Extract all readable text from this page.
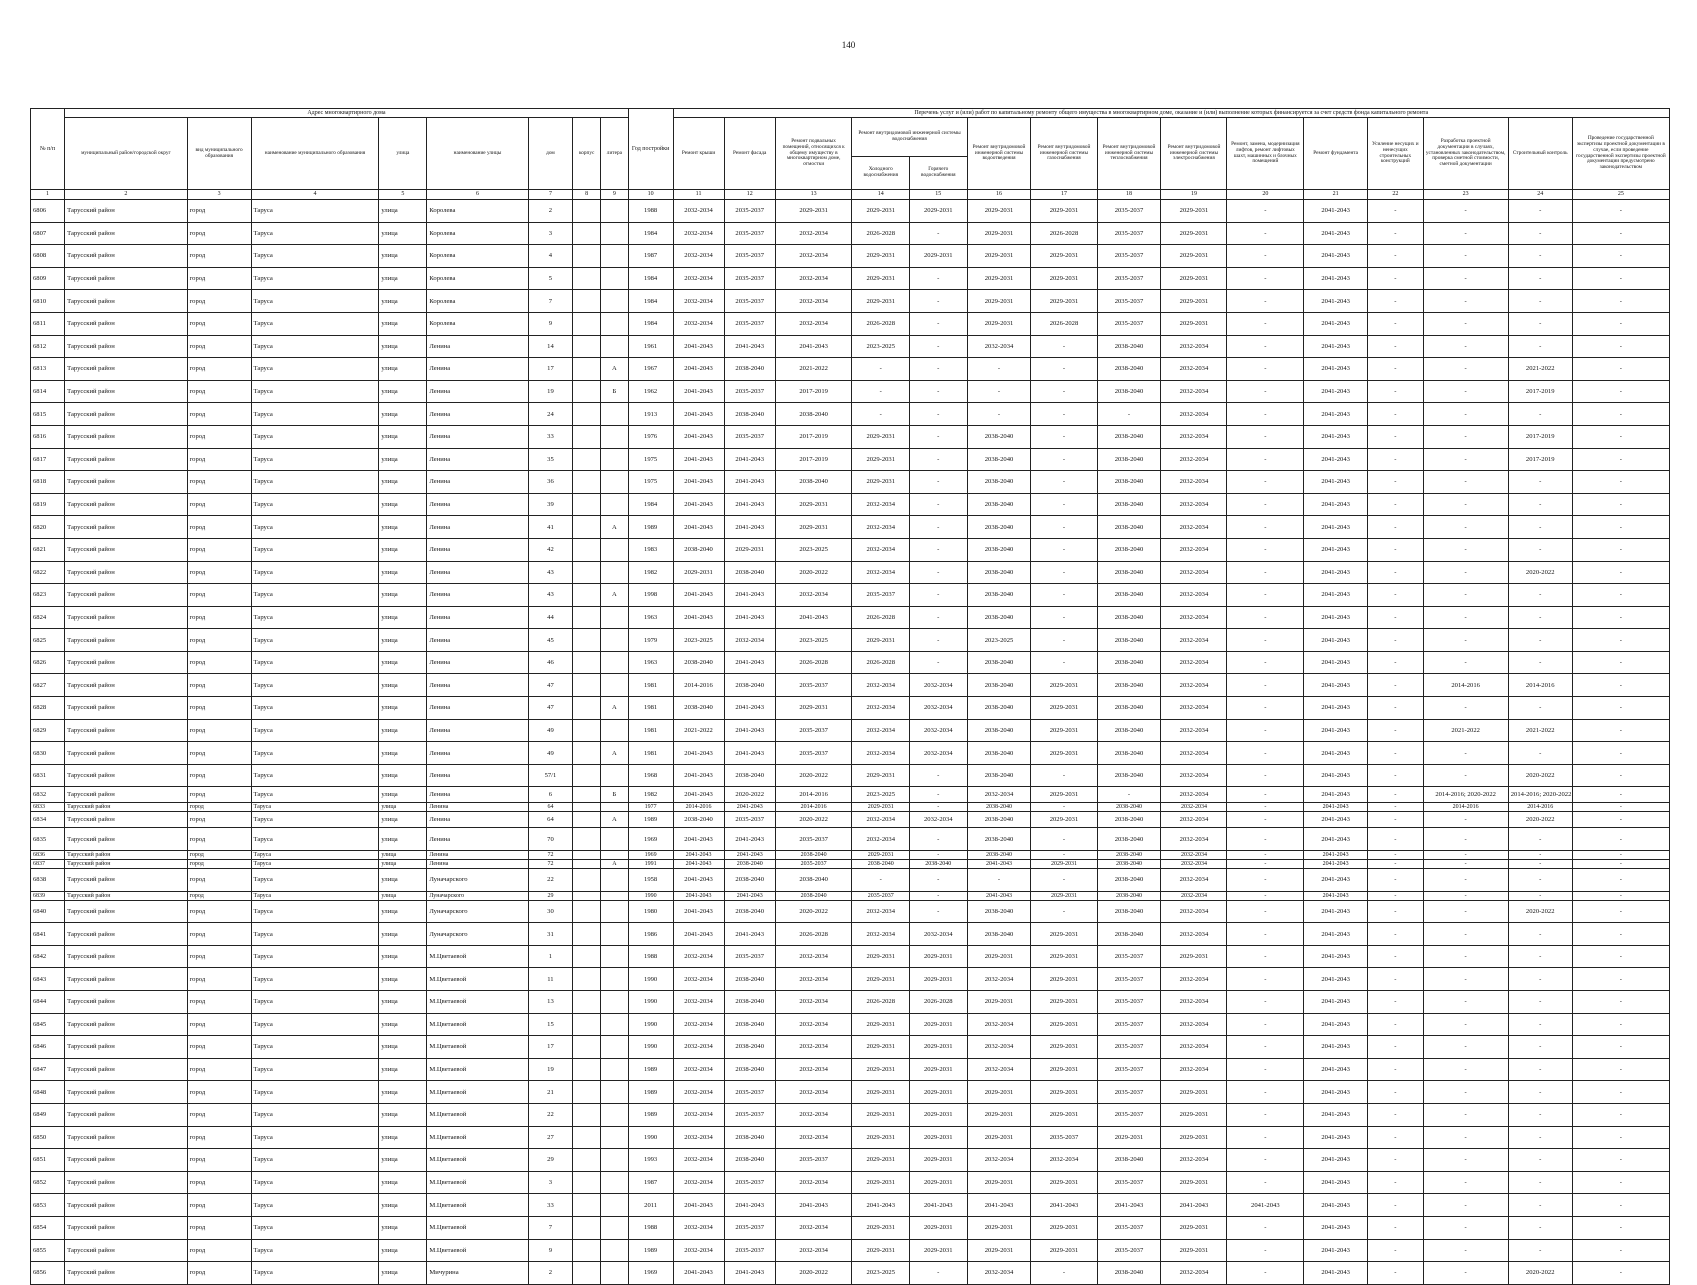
140
№ п/п	Адрес многоквартирного дома								Год постройки	Перечень услуг и (или) работ по капитальному ремонту общего имущества в многоквартирном доме, оказание и (или) выполнение которых финансируется за счет средств фонда капитального ремонта														
	муниципальный район/городской округ	вид муниципального образования	наименование муниципального образования	улица	наименование улицы	дом	корпус	литера		Ремонт крыши	Ремонт фасада	Ремонт подвальных помещений, относящихся к общему имуществу в многоквартирном доме, отмостки	Ремонт внутридомовой инженерной системы водоснабжения		Ремонт внутридомовой инженерной системы водоотведения	Ремонт внутридомовой инженерной системы газоснабжения	Ремонт внутридомовой инженерной системы теплоснабжения	Ремонт внутридомовой инженерной системы электроснабжения	Ремонт, замена, модернизация лифтов, ремонт лифтовых шахт, машинных и блочных помещений	Ремонт фундамента	Усиление несущих и ненесущих строительных конструкций	Разработка проектной документации в случаях, установленных законодательством, проверка сметной стоимости, сметной документации	Строительный контроль	Проведение государственной экспертизы проектной документации в случае, если проведение государственной экспертизы проектной документации предусмотрено законодательством
													Холодного водоснабжения	Горячего водоснабжения										
1	2	3	4	5	6	7	8	9	10	11	12	13	14	15	16	17	18	19	20	21	22	23	24	25
6806	Тарусский район	город	Таруса	улица	Королева	2			1988	2032-2034	2035-2037	2029-2031	2029-2031	2029-2031	2029-2031	2029-2031	2035-2037	2029-2031	-	2041-2043	-	-	-	-
6807	Тарусский район	город	Таруса	улица	Королева	3			1984	2032-2034	2035-2037	2032-2034	2026-2028	-	2029-2031	2026-2028	2035-2037	2029-2031	-	2041-2043	-	-	-	-
6808	Тарусский район	город	Таруса	улица	Королева	4			1987	2032-2034	2035-2037	2032-2034	2029-2031	2029-2031	2029-2031	2029-2031	2035-2037	2029-2031	-	2041-2043	-	-	-	-
6809	Тарусский район	город	Таруса	улица	Королева	5			1984	2032-2034	2035-2037	2032-2034	2029-2031	-	2029-2031	2029-2031	2035-2037	2029-2031	-	2041-2043	-	-	-	-
6810	Тарусский район	город	Таруса	улица	Королева	7			1984	2032-2034	2035-2037	2032-2034	2029-2031	-	2029-2031	2029-2031	2035-2037	2029-2031	-	2041-2043	-	-	-	-
6811	Тарусский район	город	Таруса	улица	Королева	9			1984	2032-2034	2035-2037	2032-2034	2026-2028	-	2029-2031	2026-2028	2035-2037	2029-2031	-	2041-2043	-	-	-	-
6812	Тарусский район	город	Таруса	улица	Ленина	14			1961	2041-2043	2041-2043	2041-2043	2023-2025	-	2032-2034	-	2038-2040	2032-2034	-	2041-2043	-	-	-	-
6813	Тарусский район	город	Таруса	улица	Ленина	17		А	1967	2041-2043	2038-2040	2021-2022	-	-	-	-	2038-2040	2032-2034	-	2041-2043	-	-	2021-2022	-
6814	Тарусский район	город	Таруса	улица	Ленина	19		Б	1962	2041-2043	2035-2037	2017-2019	-	-	-	-	2038-2040	2032-2034	-	2041-2043	-	-	2017-2019	-
6815	Тарусский район	город	Таруса	улица	Ленина	24			1913	2041-2043	2038-2040	2038-2040	-	-	-	-	-	2032-2034	-	2041-2043	-	-	-	-
6816	Тарусский район	город	Таруса	улица	Ленина	33			1976	2041-2043	2035-2037	2017-2019	2029-2031	-	2038-2040	-	2038-2040	2032-2034	-	2041-2043	-	-	2017-2019	-
6817	Тарусский район	город	Таруса	улица	Ленина	35			1975	2041-2043	2041-2043	2017-2019	2029-2031	-	2038-2040	-	2038-2040	2032-2034	-	2041-2043	-	-	2017-2019	-
6818	Тарусский район	город	Таруса	улица	Ленина	36			1975	2041-2043	2041-2043	2038-2040	2029-2031	-	2038-2040	-	2038-2040	2032-2034	-	2041-2043	-	-	-	-
6819	Тарусский район	город	Таруса	улица	Ленина	39			1984	2041-2043	2041-2043	2029-2031	2032-2034	-	2038-2040	-	2038-2040	2032-2034	-	2041-2043	-	-	-	-
6820	Тарусский район	город	Таруса	улица	Ленина	41		А	1989	2041-2043	2041-2043	2029-2031	2032-2034	-	2038-2040	-	2038-2040	2032-2034	-	2041-2043	-	-	-	-
6821	Тарусский район	город	Таруса	улица	Ленина	42			1983	2038-2040	2029-2031	2023-2025	2032-2034	-	2038-2040	-	2038-2040	2032-2034	-	2041-2043	-	-	-	-
6822	Тарусский район	город	Таруса	улица	Ленина	43			1982	2029-2031	2038-2040	2020-2022	2032-2034	-	2038-2040	-	2038-2040	2032-2034	-	2041-2043	-	-	2020-2022	-
6823	Тарусский район	город	Таруса	улица	Ленина	43		А	1998	2041-2043	2041-2043	2032-2034	2035-2037	-	2038-2040	-	2038-2040	2032-2034	-	2041-2043	-	-	-	-
6824	Тарусский район	город	Таруса	улица	Ленина	44			1963	2041-2043	2041-2043	2041-2043	2026-2028	-	2038-2040	-	2038-2040	2032-2034	-	2041-2043	-	-	-	-
6825	Тарусский район	город	Таруса	улица	Ленина	45			1979	2023-2025	2032-2034	2023-2025	2029-2031	-	2023-2025	-	2038-2040	2032-2034	-	2041-2043	-	-	-	-
6826	Тарусский район	город	Таруса	улица	Ленина	46			1963	2038-2040	2041-2043	2026-2028	2026-2028	-	2038-2040	-	2038-2040	2032-2034	-	2041-2043	-	-	-	-
6827	Тарусский район	город	Таруса	улица	Ленина	47			1981	2014-2016	2038-2040	2035-2037	2032-2034	2032-2034	2038-2040	2029-2031	2038-2040	2032-2034	-	2041-2043	-	2014-2016	2014-2016	-
6828	Тарусский район	город	Таруса	улица	Ленина	47		А	1981	2038-2040	2041-2043	2029-2031	2032-2034	2032-2034	2038-2040	2029-2031	2038-2040	2032-2034	-	2041-2043	-	-	-	-
6829	Тарусский район	город	Таруса	улица	Ленина	49			1981	2021-2022	2041-2043	2035-2037	2032-2034	2032-2034	2038-2040	2029-2031	2038-2040	2032-2034	-	2041-2043	-	2021-2022	2021-2022	-
6830	Тарусский район	город	Таруса	улица	Ленина	49		А	1981	2041-2043	2041-2043	2035-2037	2032-2034	2032-2034	2038-2040	2029-2031	2038-2040	2032-2034	-	2041-2043	-	-	-	-
6831	Тарусский район	город	Таруса	улица	Ленина	57/1			1968	2041-2043	2038-2040	2020-2022	2029-2031	-	2038-2040	-	2038-2040	2032-2034	-	2041-2043	-	-	2020-2022	-
6832	Тарусский район	город	Таруса	улица	Ленина	6		Б	1982	2041-2043	2020-2022	2014-2016	2023-2025	-	2032-2034	2029-2031	-	2032-2034	-	2041-2043	-	2014-2016; 2020-2022	2014-2016; 2020-2022	-
6833	Тарусский район	город	Таруса	улица	Ленина	64			1977	2014-2016	2041-2043	2014-2016	2029-2031	-	2038-2040	-	2038-2040	2032-2034	-	2041-2043	-	2014-2016	2014-2016	-
6834	Тарусский район	город	Таруса	улица	Ленина	64		А	1989	2038-2040	2035-2037	2020-2022	2032-2034	2032-2034	2038-2040	2029-2031	2038-2040	2032-2034	-	2041-2043	-	-	2020-2022	-
6835	Тарусский район	город	Таруса	улица	Ленина	70			1969	2041-2043	2041-2043	2035-2037	2032-2034	-	2038-2040	-	2038-2040	2032-2034	-	2041-2043	-	-	-	-
6836	Тарусский район	город	Таруса	улица	Ленина	72			1969	2041-2043	2041-2043	2038-2040	2029-2031	-	2038-2040	-	2038-2040	2032-2034	-	2041-2043	-	-	-	-
6837	Тарусский район	город	Таруса	улица	Ленина	72		А	1991	2041-2043	2038-2040	2035-2037	2038-2040	2038-2040	2041-2043	2029-2031	2038-2040	2032-2034	-	2041-2043	-	-	-	-
6838	Тарусский район	город	Таруса	улица	Луначарского	22			1958	2041-2043	2038-2040	2038-2040	-	-	-	-	2038-2040	2032-2034	-	2041-2043	-	-	-	-
6839	Тарусский район	город	Таруса	улица	Луначарского	29			1990	2041-2043	2041-2043	2038-2040	2035-2037	-	2041-2043	2029-2031	2038-2040	2032-2034	-	2041-2043	-	-	-	-
6840	Тарусский район	город	Таруса	улица	Луначарского	30			1980	2041-2043	2038-2040	2020-2022	2032-2034	-	2038-2040	-	2038-2040	2032-2034	-	2041-2043	-	-	2020-2022	-
6841	Тарусский район	город	Таруса	улица	Луначарского	31			1986	2041-2043	2041-2043	2026-2028	2032-2034	2032-2034	2038-2040	2029-2031	2038-2040	2032-2034	-	2041-2043	-	-	-	-
6842	Тарусский район	город	Таруса	улица	М.Цветаевой	1			1988	2032-2034	2035-2037	2032-2034	2029-2031	2029-2031	2029-2031	2029-2031	2035-2037	2029-2031	-	2041-2043	-	-	-	-
6843	Тарусский район	город	Таруса	улица	М.Цветаевой	11			1990	2032-2034	2038-2040	2032-2034	2029-2031	2029-2031	2032-2034	2029-2031	2035-2037	2032-2034	-	2041-2043	-	-	-	-
6844	Тарусский район	город	Таруса	улица	М.Цветаевой	13			1990	2032-2034	2038-2040	2032-2034	2026-2028	2026-2028	2029-2031	2029-2031	2035-2037	2032-2034	-	2041-2043	-	-	-	-
6845	Тарусский район	город	Таруса	улица	М.Цветаевой	15			1990	2032-2034	2038-2040	2032-2034	2029-2031	2029-2031	2032-2034	2029-2031	2035-2037	2032-2034	-	2041-2043	-	-	-	-
6846	Тарусский район	город	Таруса	улица	М.Цветаевой	17			1990	2032-2034	2038-2040	2032-2034	2029-2031	2029-2031	2032-2034	2029-2031	2035-2037	2032-2034	-	2041-2043	-	-	-	-
6847	Тарусский район	город	Таруса	улица	М.Цветаевой	19			1989	2032-2034	2038-2040	2032-2034	2029-2031	2029-2031	2032-2034	2029-2031	2035-2037	2032-2034	-	2041-2043	-	-	-	-
6848	Тарусский район	город	Таруса	улица	М.Цветаевой	21			1989	2032-2034	2035-2037	2032-2034	2029-2031	2029-2031	2029-2031	2029-2031	2035-2037	2029-2031	-	2041-2043	-	-	-	-
6849	Тарусский район	город	Таруса	улица	М.Цветаевой	22			1989	2032-2034	2035-2037	2032-2034	2029-2031	2029-2031	2029-2031	2029-2031	2035-2037	2029-2031	-	2041-2043	-	-	-	-
6850	Тарусский район	город	Таруса	улица	М.Цветаевой	27			1990	2032-2034	2038-2040	2032-2034	2029-2031	2029-2031	2029-2031	2035-2037	2029-2031	2029-2031	-	2041-2043	-	-	-	-
6851	Тарусский район	город	Таруса	улица	М.Цветаевой	29			1993	2032-2034	2038-2040	2035-2037	2029-2031	2029-2031	2032-2034	2032-2034	2038-2040	2032-2034	-	2041-2043	-	-	-	-
6852	Тарусский район	город	Таруса	улица	М.Цветаевой	3			1987	2032-2034	2035-2037	2032-2034	2029-2031	2029-2031	2029-2031	2029-2031	2035-2037	2029-2031	-	2041-2043	-	-	-	-
6853	Тарусский район	город	Таруса	улица	М.Цветаевой	33			2011	2041-2043	2041-2043	2041-2043	2041-2043	2041-2043	2041-2043	2041-2043	2041-2043	2041-2043	2041-2043	2041-2043	-	-	-	-
6854	Тарусский район	город	Таруса	улица	М.Цветаевой	7			1988	2032-2034	2035-2037	2032-2034	2029-2031	2029-2031	2029-2031	2029-2031	2035-2037	2029-2031	-	2041-2043	-	-	-	-
6855	Тарусский район	город	Таруса	улица	М.Цветаевой	9			1989	2032-2034	2035-2037	2032-2034	2029-2031	2029-2031	2029-2031	2029-2031	2035-2037	2029-2031	-	2041-2043	-	-	-	-
6856	Тарусский район	город	Таруса	улица	Мичурина	2			1969	2041-2043	2041-2043	2020-2022	2023-2025	-	2032-2034	-	2038-2040	2032-2034	-	2041-2043	-	-	2020-2022	-
